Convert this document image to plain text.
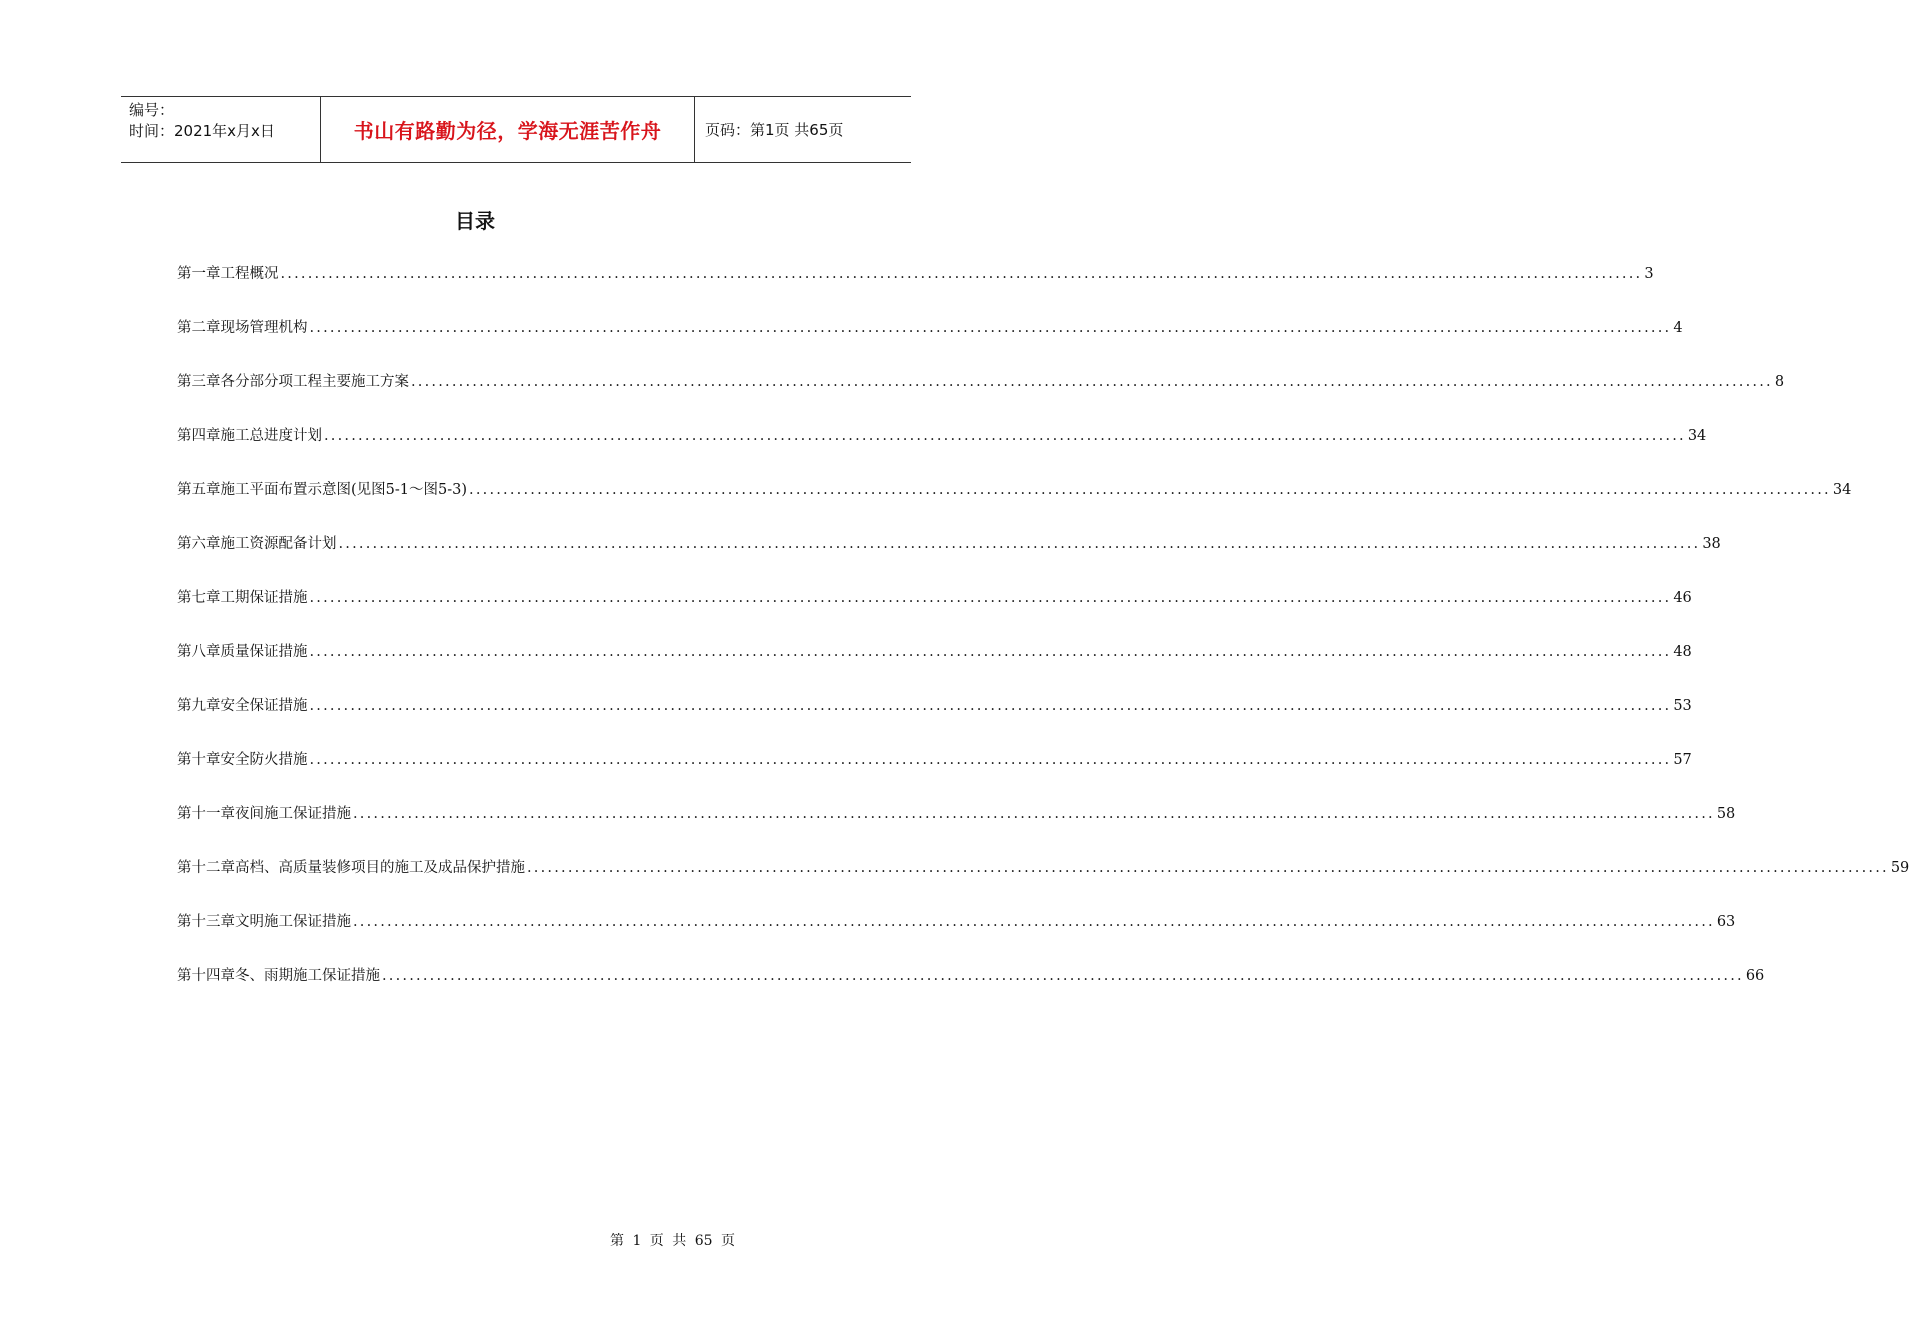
编号：
时间：2021年x月x日	书山有路勤为径，学海无涯苦作舟	页码：第1页 共65页
目录
第一章 工程概况 ........................................................................................................................................................................................................ 3
第二章 现场管理机构 ........................................................................................................................................................................................................ 4
第三章 各分部分项工程主要施工方案 ........................................................................................................................................................................................................ 8
第四章 施工总进度计划 ........................................................................................................................................................................................................ 34
第五章 施工平面布置示意图(见图5-1～图5-3) ........................................................................................................................................................................................................ 34
第六章 施工资源配备计划 ........................................................................................................................................................................................................ 38
第七章 工期保证措施 ........................................................................................................................................................................................................ 46
第八章 质量保证措施 ........................................................................................................................................................................................................ 48
第九章 安全保证措施 ........................................................................................................................................................................................................ 53
第十章 安全防火措施 ........................................................................................................................................................................................................ 57
第十一章 夜间施工保证措施 ........................................................................................................................................................................................................ 58
第十二章 高档、高质量装修项目的施工及成品保护措施 ........................................................................................................................................................................................................ 59
第十三章 文明施工保证措施 ........................................................................................................................................................................................................ 63
第十四章 冬、雨期施工保证措施 ........................................................................................................................................................................................................ 66
第 1 页 共 65 页
